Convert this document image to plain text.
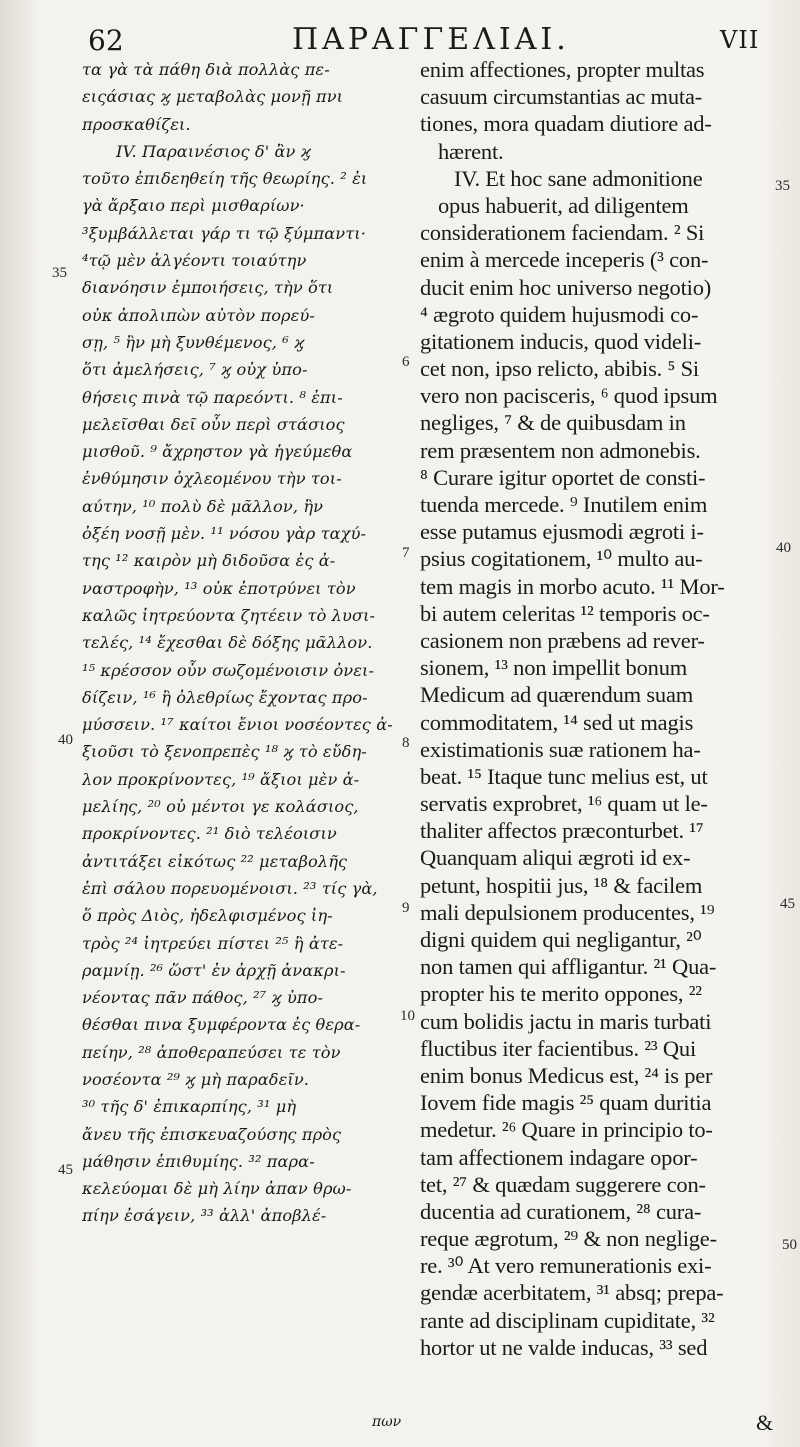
62	ΠΑΡΑΓΓΕΛΙΑΙ.	VII
τα γὰ τὰ πάθη διὰ πολλὰς πε-
ειςάσιας ϗ μεταβολὰς μονῇ πνι
προσκαθίζει.
IV. Παραινέσιος δ' ἂν ϗ
τοῦτο ἐπιδεηθείη τῆς θεωρίης. ² ἐι
γὰ ἄρξαιο περὶ μισθαρίων·
³ξυμβάλλεται γάρ τι τῷ ξύμπαντι·
⁴τῷ μὲν ἀλγέοντι τοιαύτην
διανόησιν ἐμποιήσεις, τὴν ὅτι
οὐκ ἀπολιπὼν αὐτὸν πορεύ-
σῃ, ⁵ ἢν μὴ ξυνθέμενος, ⁶ ϗ
ὅτι ἀμελήσεις, ⁷ ϗ οὐχ ὑπο-
θήσεις πινὰ τῷ παρεόντι. ⁸ ἐπι-
μελεῖσθαι δεῖ οὖν περὶ στάσιος
μισθοῦ. ⁹ ἄχρηστον γὰ ἡγεύμεθα
ἐνθύμησιν ὀχλεομένου τὴν τοι-
αύτην, ¹⁰ πολὺ δὲ μᾶλλον, ἢν
ὀξέη νοσῇ μὲν. ¹¹ νόσου γὰρ ταχύ-
της ¹² καιρὸν μὴ διδοῦσα ἐς ἀ-
ναστροφὴν, ¹³ οὐκ ἐποτρύνει τὸν
καλῶς ἰητρεύοντα ζητέειν τὸ λυσι-
τελές, ¹⁴ ἔχεσθαι δὲ δόξης μᾶλλον.
¹⁵ κρέσσον οὖν σωζομένοισιν ὀνει-
δίζειν, ¹⁶ ἢ ὀλεθρίως ἔχοντας προ-
μύσσειν. ¹⁷ καίτοι ἔνιοι νοσέοντες ἀ-
ξιοῦσι τὸ ξενοπρεπὲς ¹⁸ ϗ τὸ εὔδη-
λον προκρίνοντες, ¹⁹ ἄξιοι μὲν ἀ-
μελίης, ²⁰ οὐ μέντοι γε κολάσιος,
προκρίνοντες. ²¹ διὸ τελέοισιν
ἀντιτάξει εἰκότως ²² μεταβολῆς
ἐπὶ σάλου πορευομένοισι. ²³ τίς γὰ,
ὅ πρὸς Διὸς, ἠδελφισμένος ἰη-
τρὸς ²⁴ ἰητρεύει πίστει ²⁵ ἢ ἀτε-
ραμνίῃ. ²⁶ ὥστ' ἐν ἀρχῇ ἀνακρι-
νέοντας πᾶν πάθος, ²⁷ ϗ ὑπο-
θέσθαι πινα ξυμφέροντα ἐς θερα-
πείην, ²⁸ ἀποθεραπεύσει τε τὸν
νοσέοντα ²⁹ ϗ μὴ παραδεῖν.
³⁰ τῆς δ' ἐπικαρπίης, ³¹ μὴ
ἄνευ τῆς ἐπισκευαζούσης πρὸς
μάθησιν ἐπιθυμίης. ³² παρα-
κελεύομαι δὲ μὴ λίην ἀπαν θρω-
πίην ἐσάγειν, ³³ ἀλλ' ἀποβλέ-
enim affectiones, propter multas
casuum circumstantias ac muta-
tiones, mora quadam diutiore ad-
hærent.
IV. Et hoc sane admonitione
opus habuerit, ad diligentem
considerationem faciendam. ² Si
enim à mercede inceperis (³ con-
ducit enim hoc universo negotio)
⁴ ægroto quidem hujusmodi co-
gitationem inducis, quod videli-
cet non, ipso relicto, abibis. ⁵ Si
vero non pacisceris, ⁶ quod ipsum
negliges, ⁷ & de quibusdam in
rem præsentem non admonebis.
⁸ Curare igitur oportet de consti-
tuenda mercede. ⁹ Inutilem enim
esse putamus ejusmodi ægroti i-
psius cogitationem, ¹⁰ multo au-
tem magis in morbo acuto. ¹¹ Mor-
bi autem celeritas ¹² temporis oc-
casionem non præbens ad rever-
sionem, ¹³ non impellit bonum
Medicum ad quærendum suam
commoditatem, ¹⁴ sed ut magis
existimationis suæ rationem ha-
beat. ¹⁵ Itaque tunc melius est, ut
servatis exprobret, ¹⁶ quam ut le-
thaliter affectos præconturbet. ¹⁷
Quanquam aliqui ægroti id ex-
petunt, hospitii jus, ¹⁸ & facilem
mali depulsionem producentes, ¹⁹
digni quidem qui negligantur, ²⁰
non tamen qui affligantur. ²¹ Qua-
propter his te merito oppones, ²²
cum bolidis jactu in maris turbati
fluctibus iter facientibus. ²³ Qui
enim bonus Medicus est, ²⁴ is per
Iovem fide magis ²⁵ quam duritia
medetur. ²⁶ Quare in principio to-
tam affectionem indagare opor-
tet, ²⁷ & quædam suggerere con-
ducentia ad curationem, ²⁸ cura-
reque ægrotum, ²⁹ & non neglige-
re. ³⁰ At vero remunerationis exi-
gendæ acerbitatem, ³¹ absq; prepa-
rante ad disciplinam cupiditate, ³²
hortor ut ne valde inducas, ³³ sed
35
40
45
35
40
45
50
6
7
8
9
10
πων	&
